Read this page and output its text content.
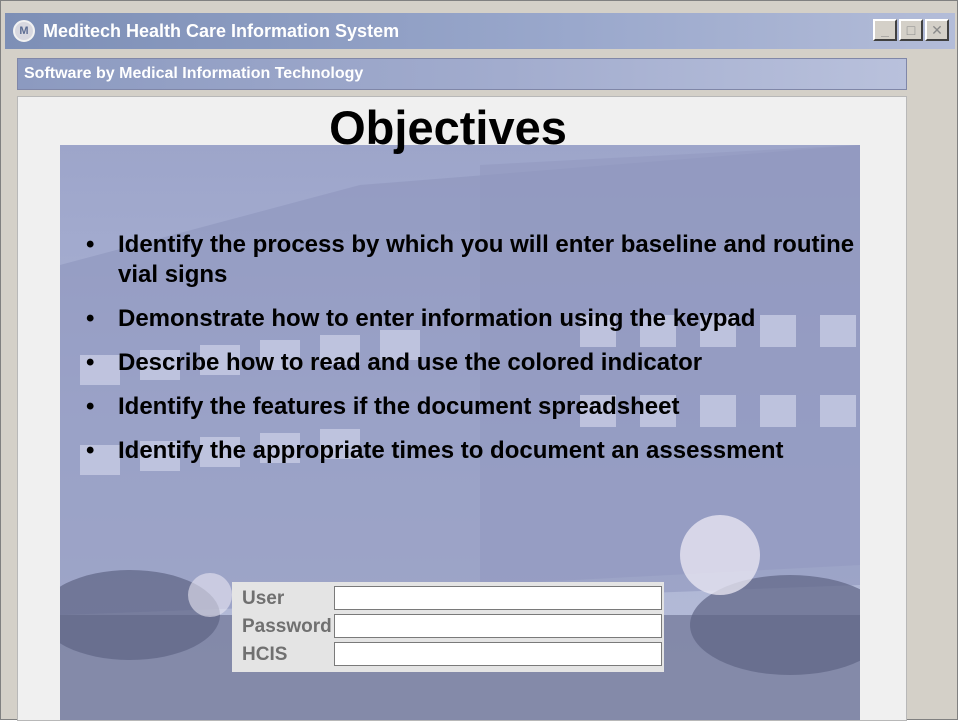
M Meditech Health Care Information System	_	□	✕
Software by Medical Information Technology
Objectives
• Identify the process by which you will enter baseline and routine vial signs
• Demonstrate how to enter information using the keypad
• Describe how to read and use the colored indicator
• Identify the features if the document spreadsheet
• Identify the appropriate times to document an assessment
User
Password
HCIS
